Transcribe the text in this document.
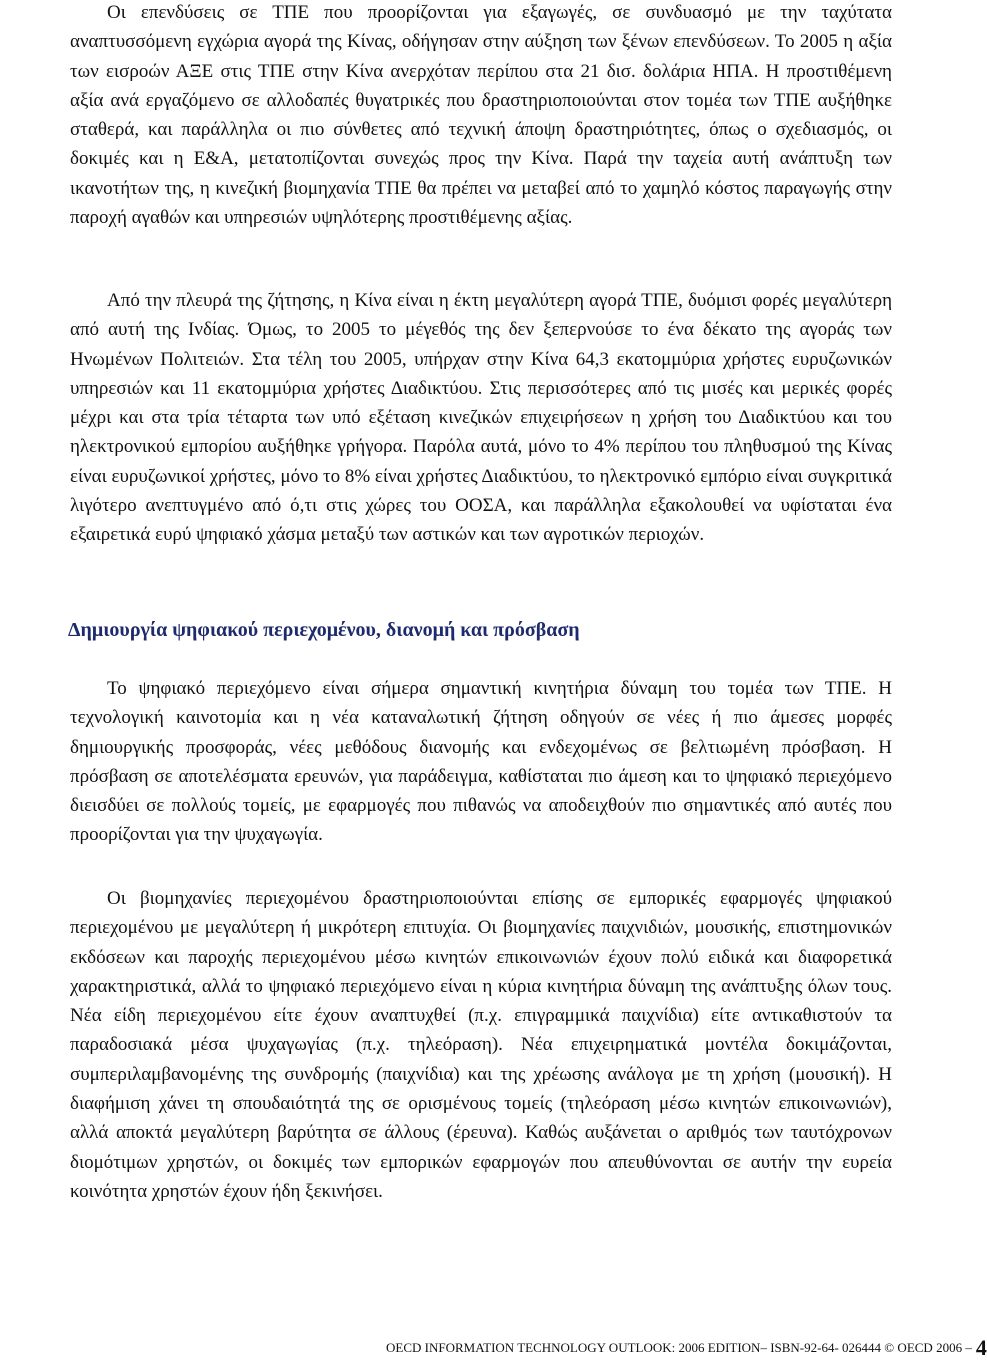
Οι επενδύσεις σε ΤΠΕ που προορίζονται για εξαγωγές, σε συνδυασμό με την ταχύτατα αναπτυσσόμενη εγχώρια αγορά της Κίνας, οδήγησαν στην αύξηση των ξένων επενδύσεων. Το 2005 η αξία των εισροών ΑΞΕ στις ΤΠΕ στην Κίνα ανερχόταν περίπου στα 21 δισ. δολάρια ΗΠΑ. Η προστιθέμενη αξία ανά εργαζόμενο σε αλλοδαπές θυγατρικές που δραστηριοποιούνται στον τομέα των ΤΠΕ αυξήθηκε σταθερά, και παράλληλα οι πιο σύνθετες από τεχνική άποψη δραστηριότητες, όπως ο σχεδιασμός, οι δοκιμές και η Ε&Α, μετατοπίζονται συνεχώς προς την Κίνα. Παρά την ταχεία αυτή ανάπτυξη των ικανοτήτων της, η κινεζική βιομηχανία ΤΠΕ θα πρέπει να μεταβεί από το χαμηλό κόστος παραγωγής στην παροχή αγαθών και υπηρεσιών υψηλότερης προστιθέμενης αξίας.

Από την πλευρά της ζήτησης, η Κίνα είναι η έκτη μεγαλύτερη αγορά ΤΠΕ, δυόμισι φορές μεγαλύτερη από αυτή της Ινδίας. Όμως, το 2005 το μέγεθός της δεν ξεπερνούσε το ένα δέκατο της αγοράς των Ηνωμένων Πολιτειών. Στα τέλη του 2005, υπήρχαν στην Κίνα 64,3 εκατομμύρια χρήστες ευρυζωνικών υπηρεσιών και 11 εκατομμύρια χρήστες Διαδικτύου. Στις περισσότερες από τις μισές και μερικές φορές μέχρι και στα τρία τέταρτα των υπό εξέταση κινεζικών επιχειρήσεων η χρήση του Διαδικτύου και του ηλεκτρονικού εμπορίου αυξήθηκε γρήγορα. Παρόλα αυτά, μόνο το 4% περίπου του πληθυσμού της Κίνας είναι ευρυζωνικοί χρήστες, μόνο το 8% είναι χρήστες Διαδικτύου, το ηλεκτρονικό εμπόριο είναι συγκριτικά λιγότερο ανεπτυγμένο από ό,τι στις χώρες του ΟΟΣΑ, και παράλληλα εξακολουθεί να υφίσταται ένα εξαιρετικά ευρύ ψηφιακό χάσμα μεταξύ των αστικών και των αγροτικών περιοχών.

Δημιουργία ψηφιακού περιεχομένου, διανομή και πρόσβαση

Το ψηφιακό περιεχόμενο είναι σήμερα σημαντική κινητήρια δύναμη του τομέα των ΤΠΕ. Η τεχνολογική καινοτομία και η νέα καταναλωτική ζήτηση οδηγούν σε νέες ή πιο άμεσες μορφές δημιουργικής προσφοράς, νέες μεθόδους διανομής και ενδεχομένως σε βελτιωμένη πρόσβαση. Η πρόσβαση σε αποτελέσματα ερευνών, για παράδειγμα, καθίσταται πιο άμεση και το ψηφιακό περιεχόμενο διεισδύει σε πολλούς τομείς, με εφαρμογές που πιθανώς να αποδειχθούν πιο σημαντικές από αυτές που προορίζονται για την ψυχαγωγία.

Οι βιομηχανίες περιεχομένου δραστηριοποιούνται επίσης σε εμπορικές εφαρμογές ψηφιακού περιεχομένου με μεγαλύτερη ή μικρότερη επιτυχία. Οι βιομηχανίες παιχνιδιών, μουσικής, επιστημονικών εκδόσεων και παροχής περιεχομένου μέσω κινητών επικοινωνιών έχουν πολύ ειδικά και διαφορετικά χαρακτηριστικά, αλλά το ψηφιακό περιεχόμενο είναι η κύρια κινητήρια δύναμη της ανάπτυξης όλων τους. Νέα είδη περιεχομένου είτε έχουν αναπτυχθεί (π.χ. επιγραμμικά παιχνίδια) είτε αντικαθιστούν τα παραδοσιακά μέσα ψυχαγωγίας (π.χ. τηλεόραση). Νέα επιχειρηματικά μοντέλα δοκιμάζονται, συμπεριλαμβανομένης της συνδρομής (παιχνίδια) και της χρέωσης ανάλογα με τη χρήση (μουσική). Η διαφήμιση χάνει τη σπουδαιότητά της σε ορισμένους τομείς (τηλεόραση μέσω κινητών επικοινωνιών), αλλά αποκτά μεγαλύτερη βαρύτητα σε άλλους (έρευνα). Καθώς αυξάνεται ο αριθμός των ταυτόχρονων διομότιμων χρηστών, οι δοκιμές των εμπορικών εφαρμογών που απευθύνονται σε αυτήν την ευρεία κοινότητα χρηστών έχουν ήδη ξεκινήσει.

OECD INFORMATION TECHNOLOGY OUTLOOK: 2006 EDITION– ISBN-92-64- 026444 © OECD 2006 – 4
